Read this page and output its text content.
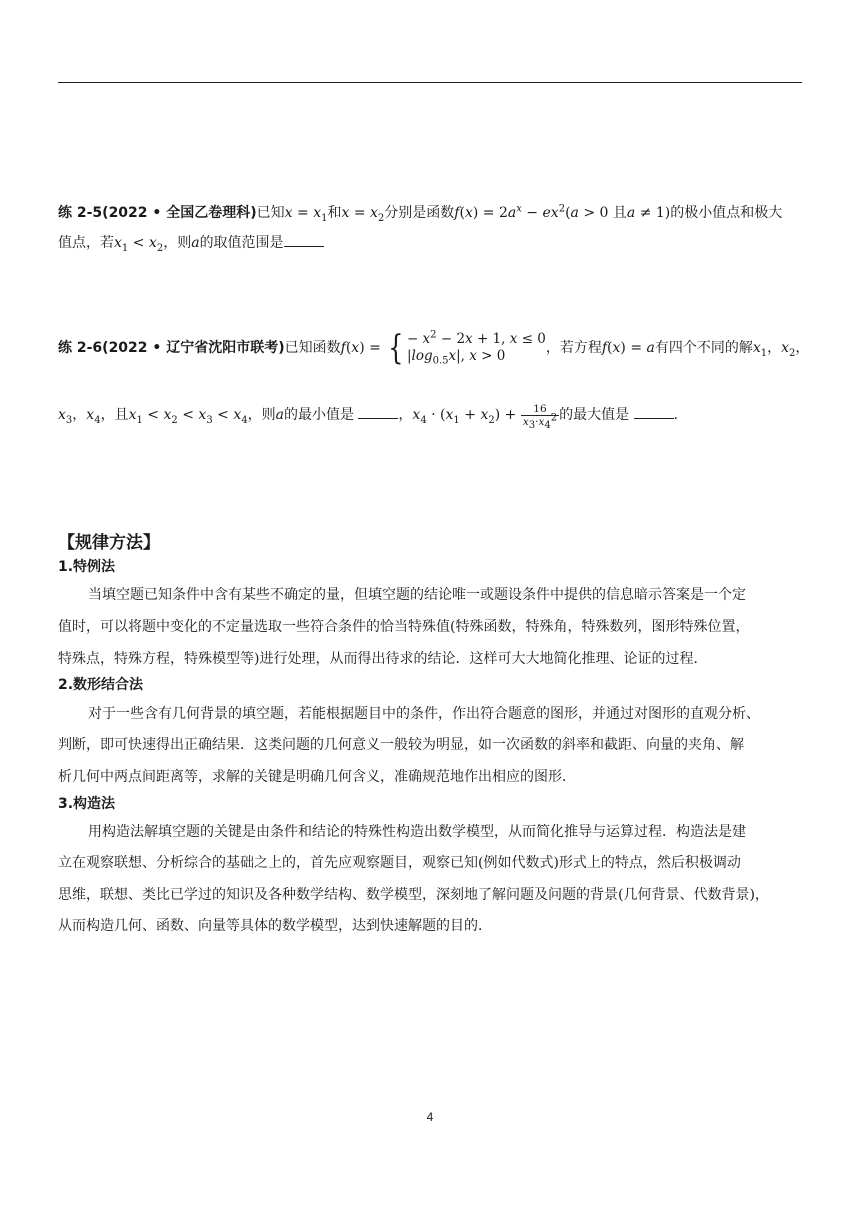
练 2-5(2022 • 全国乙卷理科)已知$x = x_1$和$x = x_2$分别是函数$f(x) = 2a^x - ex^2(a > 0$ 且a ≠ 1)的极小值点和极大
值点，若$x_1 < x_2$，则a的取值范围是
练 2-6(2022 • 辽宁省沈阳市联考)已知函数f(x) = { − $x^2 - 2x + 1$, x ≤ 0
$|\log_{0.5}x|$, x > 0	，若方程f(x) = a有四个不同的解$x_1$，$x_2$，
$x_3$，$x_4$，且$x_1 < x_2 < x_3 < x_4$，则a的最小值是	，$x_4 \cdot (x_1 + x_2) + \frac{16}{x_3\cdot x_4^2}$ 的最大值是	.
【规律方法】
1.特例法
当填空题已知条件中含有某些不确定的量，但填空题的结论唯一或题设条件中提供的信息暗示答案是一个定
值时，可以将题中变化的不定量选取一些符合条件的恰当特殊值(特殊函数，特殊角，特殊数列，图形特殊位置，
特殊点，特殊方程，特殊模型等)进行处理，从而得出待求的结论．这样可大大地简化推理、论证的过程．
2.数形结合法
对于一些含有几何背景的填空题，若能根据题目中的条件，作出符合题意的图形，并通过对图形的直观分析、
判断，即可快速得出正确结果．这类问题的几何意义一般较为明显，如一次函数的斜率和截距、向量的夹角、解
析几何中两点间距离等，求解的关键是明确几何含义，准确规范地作出相应的图形．
3.构造法
用构造法解填空题的关键是由条件和结论的特殊性构造出数学模型，从而简化推导与运算过程．构造法是建
立在观察联想、分析综合的基础之上的，首先应观察题目，观察已知(例如代数式)形式上的特点，然后积极调动
思维，联想、类比已学过的知识及各种数学结构、数学模型，深刻地了解问题及问题的背景(几何背景、代数背景)，
从而构造几何、函数、向量等具体的数学模型，达到快速解题的目的．
4
